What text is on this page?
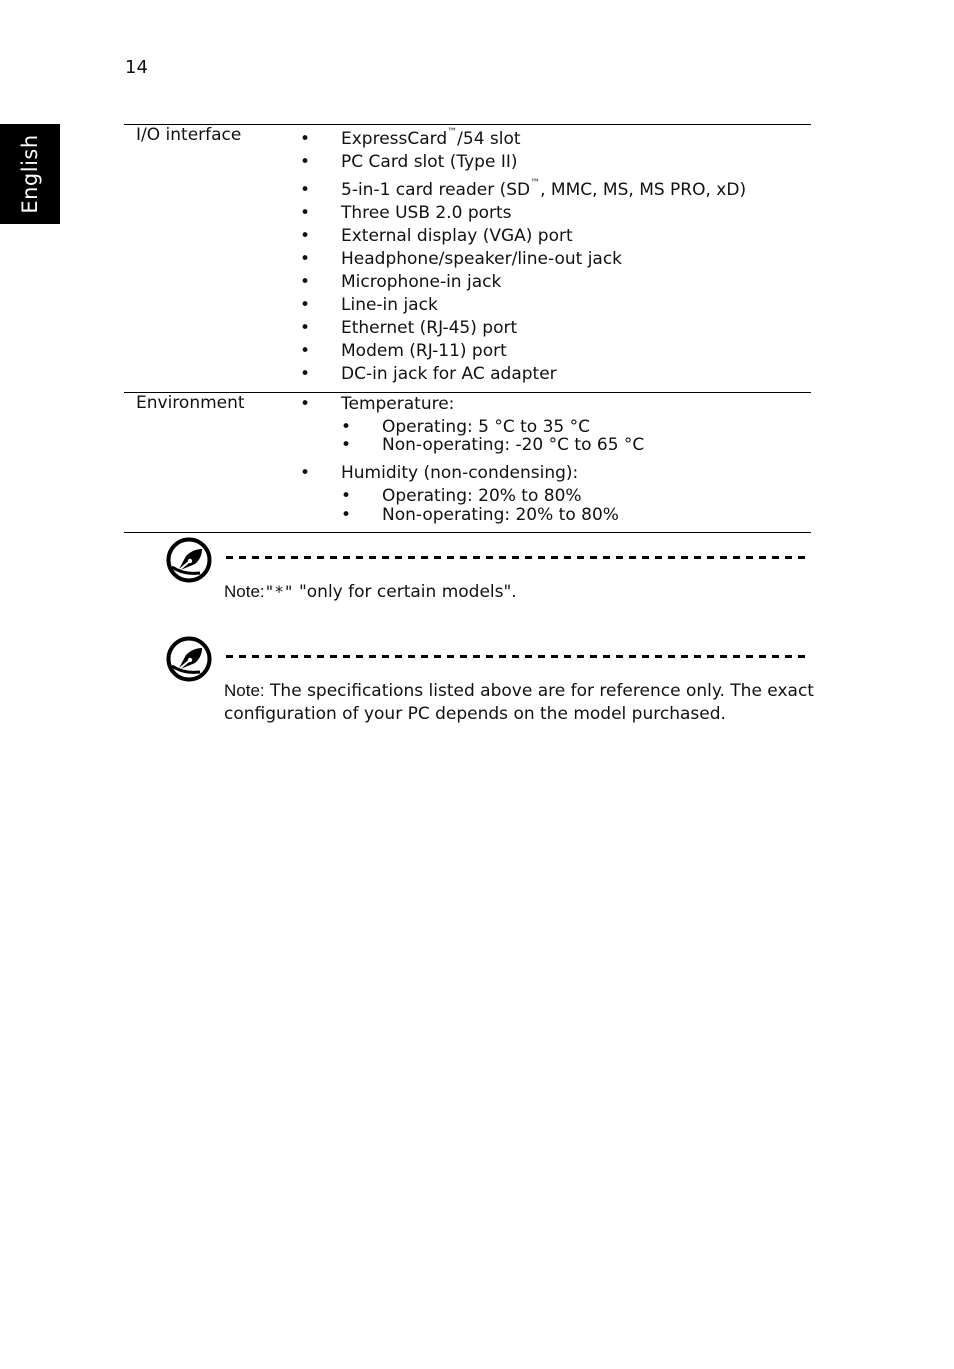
14
English	I/O interface	• ExpressCard™/54 slot
• PC Card slot (Type II)
• 5-in-1 card reader (SD™, MMC, MS, MS PRO, xD)
• Three USB 2.0 ports
• External display (VGA) port
• Headphone/speaker/line-out jack
• Microphone-in jack
• Line-in jack
• Ethernet (RJ-45) port
• Modem (RJ-11) port
• DC-in jack for AC adapter
Environment	• Temperature:
• Operating: 5 °C to 35 °C
• Non-operating: -20 °C to 65 °C
• Humidity (non-condensing):
• Operating: 20% to 80%
• Non-operating: 20% to 80%
Note:"*" "only for certain models".
Note: The specifications listed above are for reference only. The exact configuration of your PC depends on the model purchased.
